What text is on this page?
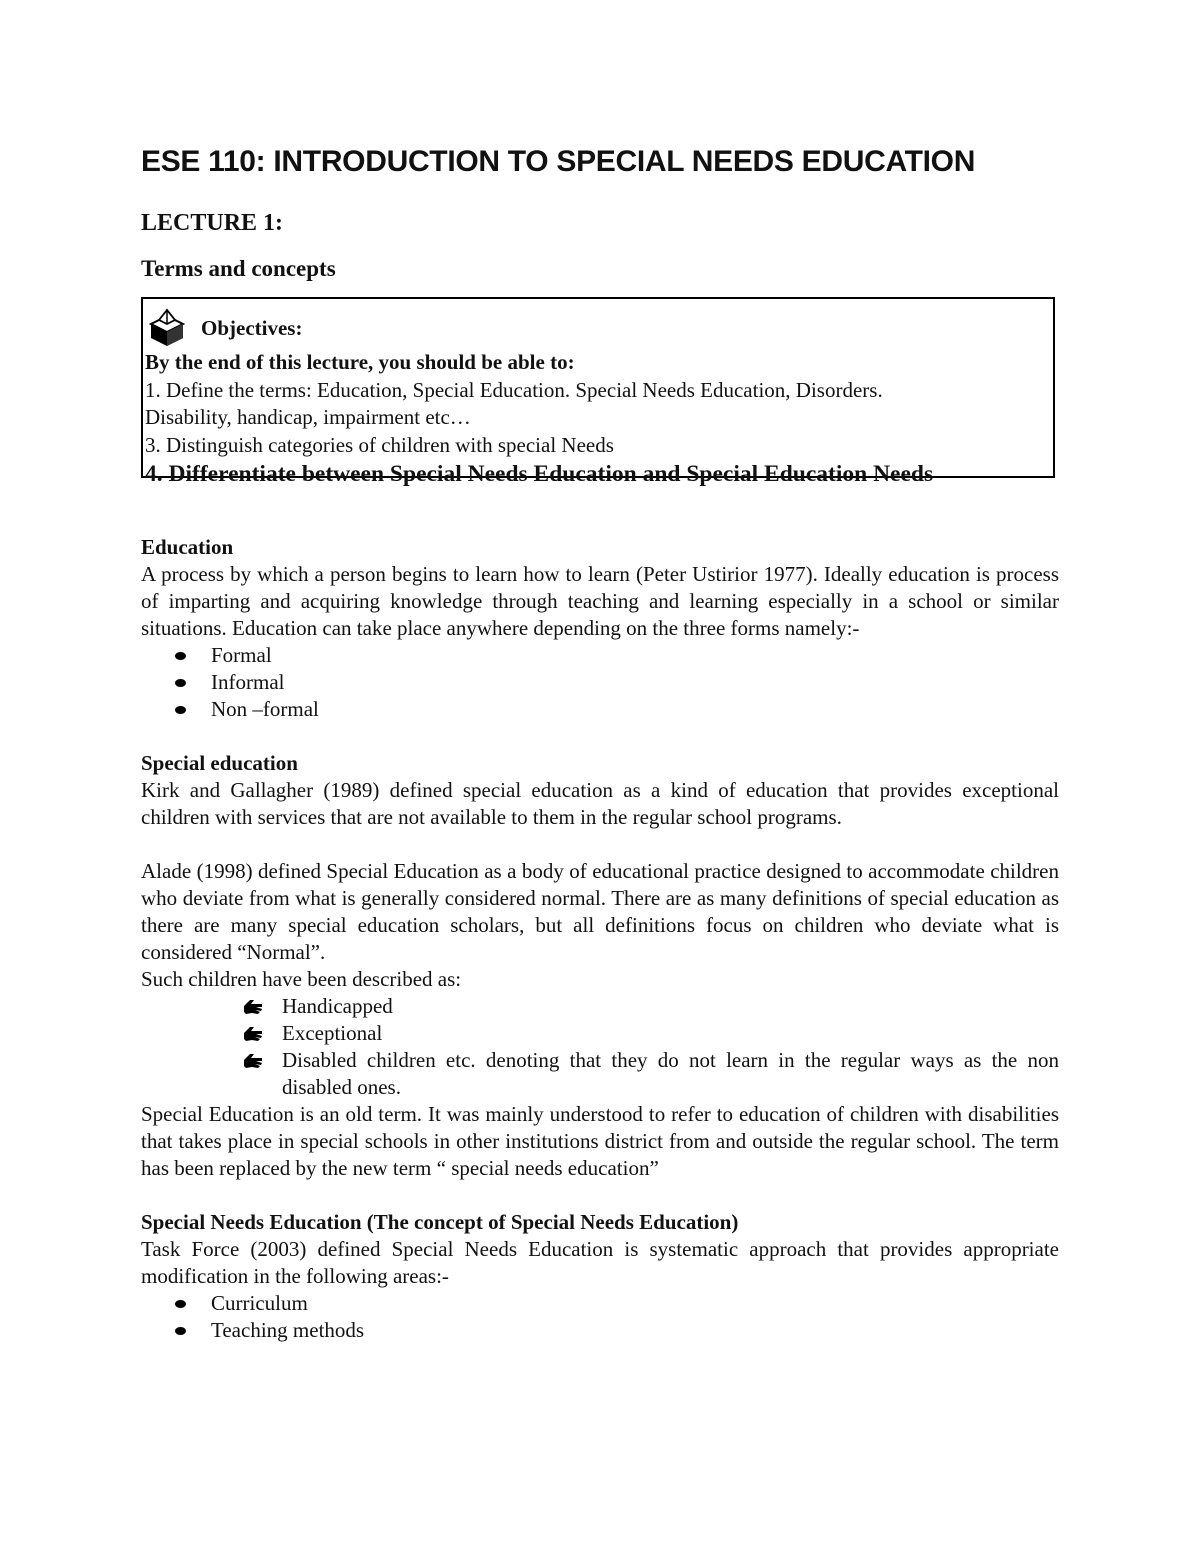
ESE 110: INTRODUCTION TO SPECIAL NEEDS EDUCATION
LECTURE 1:
Terms and concepts
Objectives:

By the end of this lecture, you should be able to:

1. Define the terms: Education, Special Education. Special Needs Education, Disorders.

Disability, handicap, impairment etc…

3. Distinguish categories of children with special Needs

4. Differentiate between Special Needs Education and Special Education Needs

Education

A process by which a person begins to learn how to learn (Peter Ustirior 1977). Ideally education is process of imparting and acquiring knowledge through teaching and learning especially in a school or similar situations. Education can take place anywhere depending on the three forms namely:-

Formal
Informal
Non –formal
Special education

Kirk and Gallagher (1989) defined special education as a kind of education that provides exceptional children with services that are not available to them in the regular school programs.

Alade (1998) defined Special Education as a body of educational practice designed to accommodate children who deviate from what is generally considered normal. There are as many definitions of special education as there are many special education scholars, but all definitions focus on children who deviate what is considered “Normal”.

Such children have been described as:

Handicapped
Exceptional
Disabled children etc. denoting that they do not learn in the regular ways as the non disabled ones.

Special Education is an old term. It was mainly understood to refer to education of children with disabilities that takes place in special schools in other institutions district from and outside the regular school. The term has been replaced by the new term “ special needs education”

Special Needs Education (The concept of Special Needs Education)

Task Force (2003) defined Special Needs Education is systematic approach that provides appropriate modification in the following areas:-

Curriculum
Teaching methods
